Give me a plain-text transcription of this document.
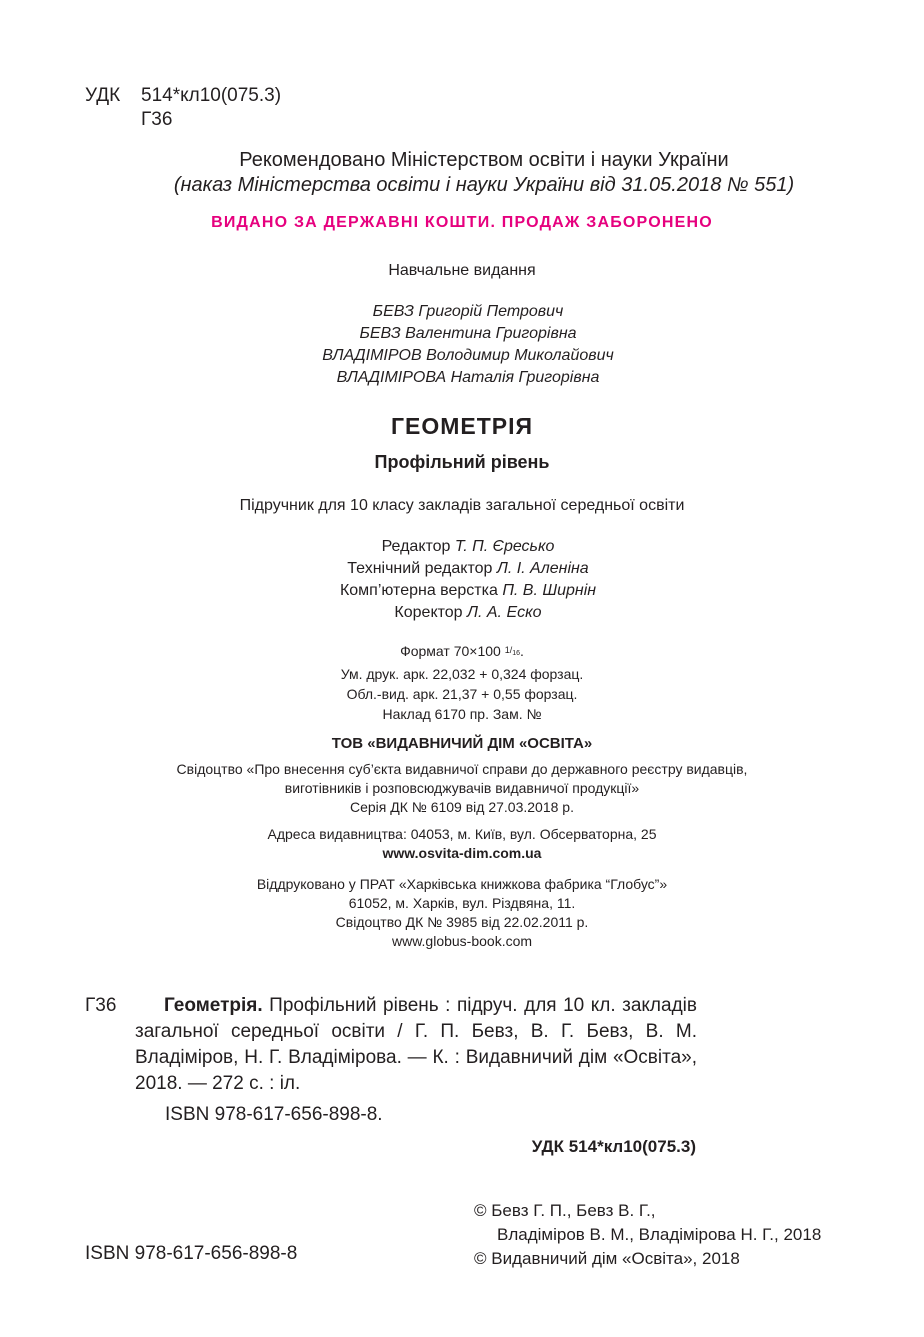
УДК	514*кл10(075.3)
Г36
Рекомендовано Міністерством освіти і науки України
(наказ Міністерства освіти і науки України від 31.05.2018 № 551)
ВИДАНО ЗА ДЕРЖАВНІ КОШТИ. ПРОДАЖ ЗАБОРОНЕНО
Навчальне видання
БЕВЗ Григорій Петрович
БЕВЗ Валентина Григорівна
ВЛАДІМІРОВ Володимир Миколайович
ВЛАДІМІРОВА Наталія Григорівна
ГЕОМЕТРІЯ
Профільний рівень
Підручник для 10 класу закладів загальної середньої освіти
Редактор Т. П. Єресько
Технічний редактор Л. І. Аленіна
Комп’ютерна верстка П. В. Ширнін
Коректор Л. А. Еско
Формат 70×100 $^{1/_{16}}$.
Ум. друк. арк. 22,032 + 0,324 форзац.
Обл.-вид. арк. 21,37 + 0,55 форзац.
Наклад 6170 пр. Зам. №
ТОВ «ВИДАВНИЧИЙ ДІМ «ОСВІТА»
Свідоцтво «Про внесення суб’єкта видавничої справи до державного реєстру видавців,
виготівників і розповсюджувачів видавничої продукції»
Серія ДК № 6109 від 27.03.2018 р.
Адреса видавництва: 04053, м. Київ, вул. Обсерваторна, 25
www.osvita-dim.com.ua
Віддруковано у ПРАТ «Харківська книжкова фабрика “Глобус”»
61052, м. Харків, вул. Різдвяна, 11.
Свідоцтво ДК № 3985 від 22.02.2011 р.
www.globus-book.com
Г36	Геометрія. Профільний рівень : підруч. для 10 кл. закладів загальної середньої освіти / Г. П. Бевз, В. Г. Бевз, В. М. Владіміров, Н. Г. Владімірова. — К. : Видавничий дім «Освіта», 2018. — 272 с. : іл.
ISBN 978-617-656-898-8.
УДК 514*кл10(075.3)
ISBN 978-617-656-898-8
© Бевз Г. П., Бевз В. Г.,
Владіміров В. М., Владімірова Н. Г., 2018
© Видавничий дім «Освіта», 2018
